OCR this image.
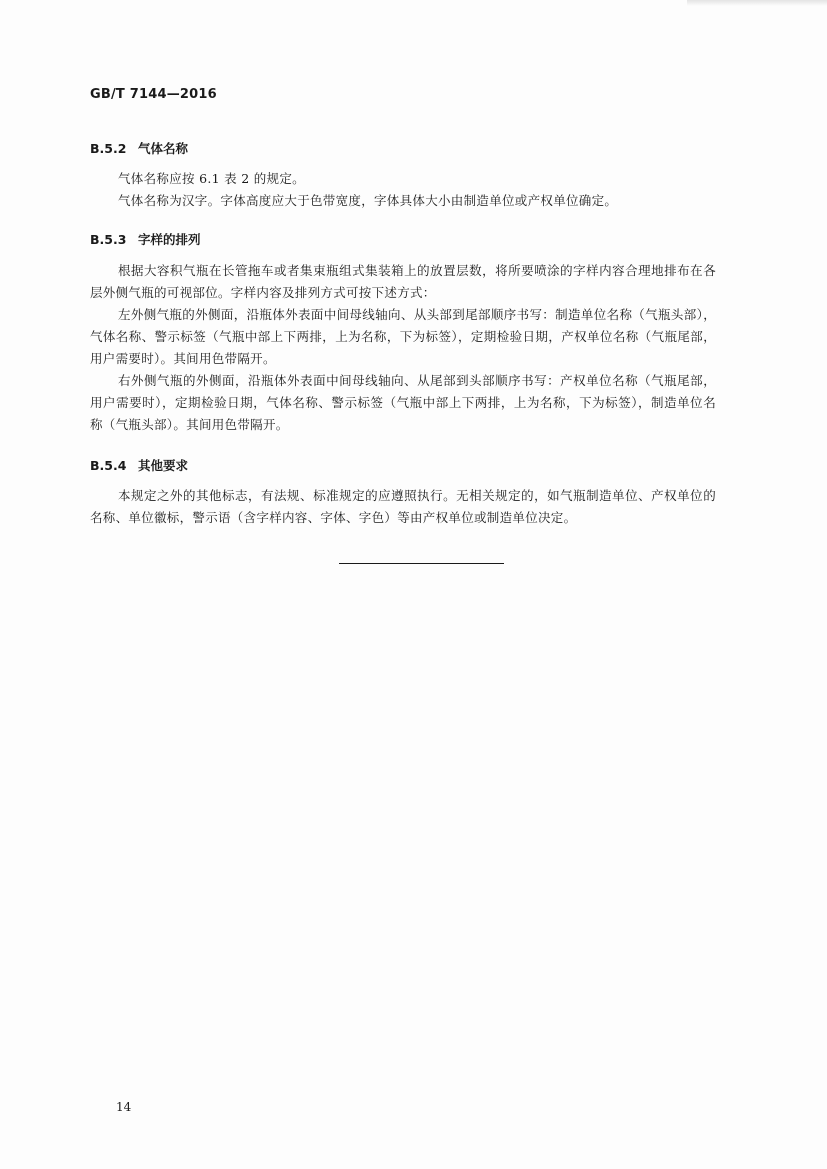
GB/T 7144—2016
B.5.2 气体名称

气体名称应按 6.1 表 2 的规定。

气体名称为汉字。字体高度应大于色带宽度，字体具体大小由制造单位或产权单位确定。

B.5.3 字样的排列

根据大容积气瓶在长管拖车或者集束瓶组式集装箱上的放置层数，将所要喷涂的字样内容合理地排布在各层外侧气瓶的可视部位。字样内容及排列方式可按下述方式：

左外侧气瓶的外侧面，沿瓶体外表面中间母线轴向、从头部到尾部顺序书写：制造单位名称（气瓶头部），气体名称、警示标签（气瓶中部上下两排，上为名称，下为标签），定期检验日期，产权单位名称（气瓶尾部，用户需要时）。其间用色带隔开。

右外侧气瓶的外侧面，沿瓶体外表面中间母线轴向、从尾部到头部顺序书写：产权单位名称（气瓶尾部，用户需要时），定期检验日期，气体名称、警示标签（气瓶中部上下两排，上为名称，下为标签），制造单位名称（气瓶头部）。其间用色带隔开。

B.5.4 其他要求

本规定之外的其他标志，有法规、标准规定的应遵照执行。无相关规定的，如气瓶制造单位、产权单位的名称、单位徽标，警示语（含字样内容、字体、字色）等由产权单位或制造单位决定。

14
